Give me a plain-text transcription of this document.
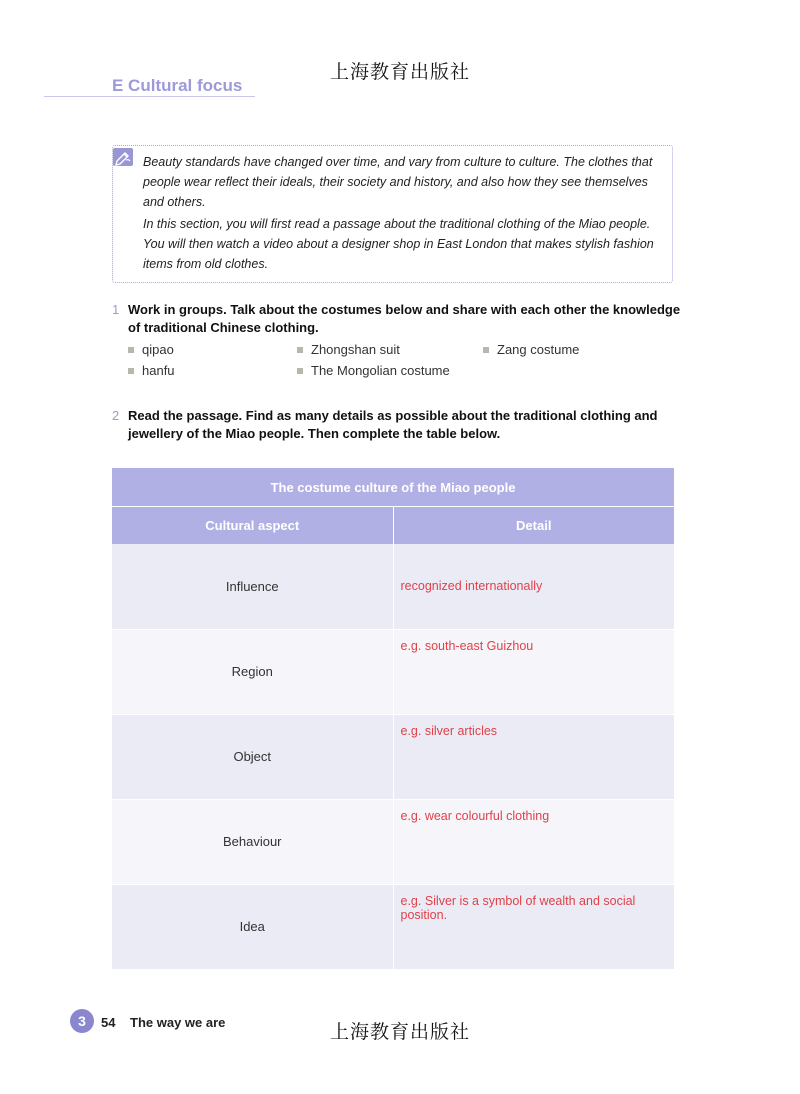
上海教育出版社
E Cultural focus

Beauty standards have changed over time, and vary from culture to culture. The clothes that people wear reflect their ideals, their society and history, and also how they see themselves and others.

In this section, you will first read a passage about the traditional clothing of the Miao people. You will then watch a video about a designer shop in East London that makes stylish fashion items from old clothes.

1 Work in groups. Talk about the costumes below and share with each other the knowledge of traditional Chinese clothing.
qipao	Zhongshan suit	Zang costume
hanfu	The Mongolian costume
2 Read the passage. Find as many details as possible about the traditional clothing and jewellery of the Miao people. Then complete the table below.
The costume culture of the Miao people	
Cultural aspect	Detail
Influence	recognized internationally
Region	e.g. south-east Guizhou

Object	e.g. silver articles

Behaviour	e.g. wear colourful clothing

Idea	e.g. Silver is a symbol of wealth and social position.
3	54 The way we are	上海教育出版社
